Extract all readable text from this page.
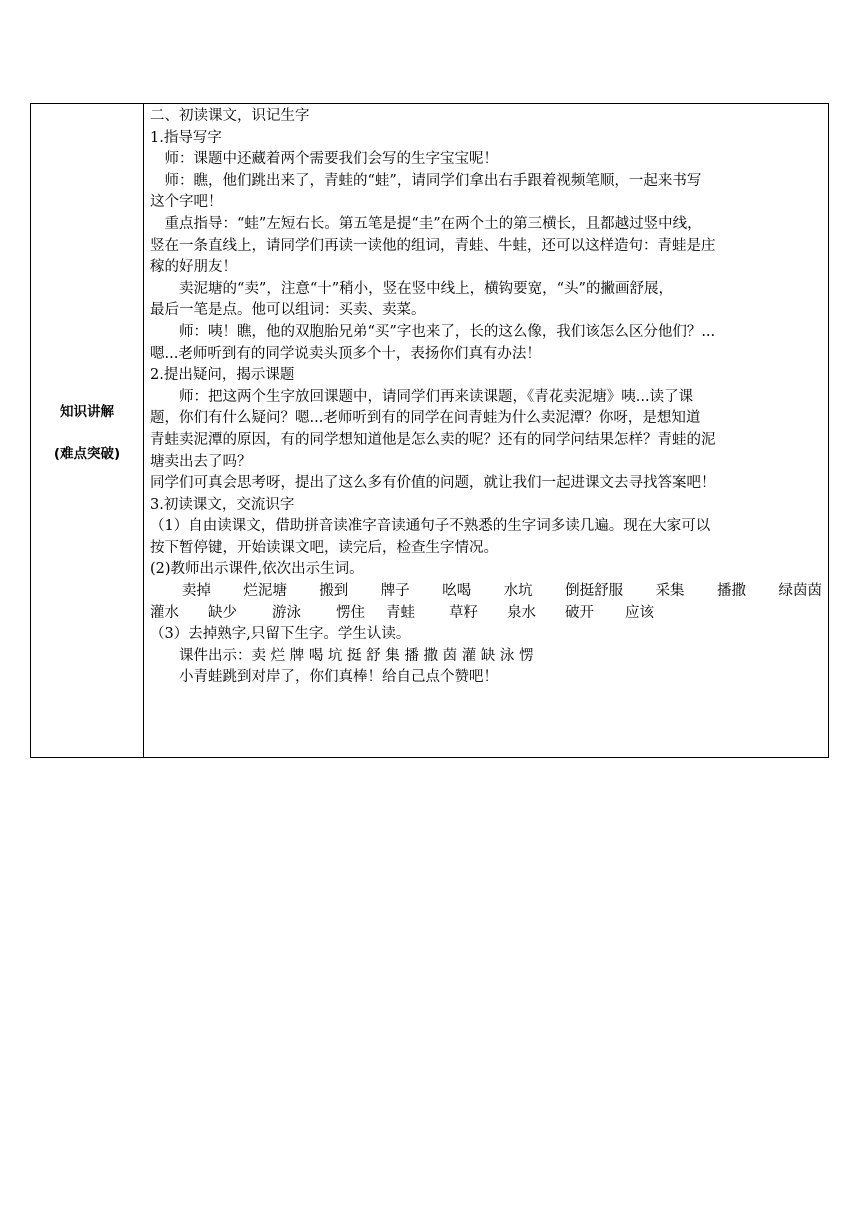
知识讲解
(难点突破)

二、初读课文，识记生字

1.指导写字

师：课题中还藏着两个需要我们会写的生字宝宝呢！

师：瞧，他们跳出来了，青蛙的“蛙”，请同学们拿出右手跟着视频笔顺，一起来书写

这个字吧！

重点指导：“蛙”左短右长。第五笔是提“圭”在两个土的第三横长，且都越过竖中线，

竖在一条直线上，请同学们再读一读他的组词，青蛙、牛蛙，还可以这样造句：青蛙是庄

稼的好朋友！

卖泥塘的“卖”，注意“十”稍小，竖在竖中线上，横钩要宽，“头”的撇画舒展，

最后一笔是点。他可以组词：买卖、卖菜。

师：咦！瞧，他的双胞胎兄弟“买”字也来了，长的这么像，我们该怎么区分他们？...

嗯...老师听到有的同学说卖头顶多个十，表扬你们真有办法！

2.提出疑问，揭示课题

师：把这两个生字放回课题中，请同学们再来读课题，《青花卖泥塘》咦...读了课

题，你们有什么疑问？嗯...老师听到有的同学在问青蛙为什么卖泥潭？你呀，是想知道

青蛙卖泥潭的原因，有的同学想知道他是怎么卖的呢？还有的同学问结果怎样？青蛙的泥

塘卖出去了吗？

同学们可真会思考呀，提出了这么多有价值的问题，就让我们一起进课文去寻找答案吧！

3.初读课文，交流识字

（1）自由读课文，借助拼音读准字音读通句子不熟悉的生字词多读几遍。现在大家可以

按下暂停键，开始读课文吧，读完后，检查生字情况。

(2)教师出示课件,依次出示生词。

卖掉 烂泥塘 搬到 牌子 吆喝 水坑 倒挺舒服 采集 播撒 绿茵茵
灌水	缺少	游泳	愣住	青蛙	草籽	泉水	破开	应该

（3）去掉熟字,只留下生字。学生认读。

课件出示：卖 烂 牌 喝 坑 挺 舒 集 播 撒 茵 灌 缺 泳 愣

小青蛙跳到对岸了，你们真棒！给自己点个赞吧！
